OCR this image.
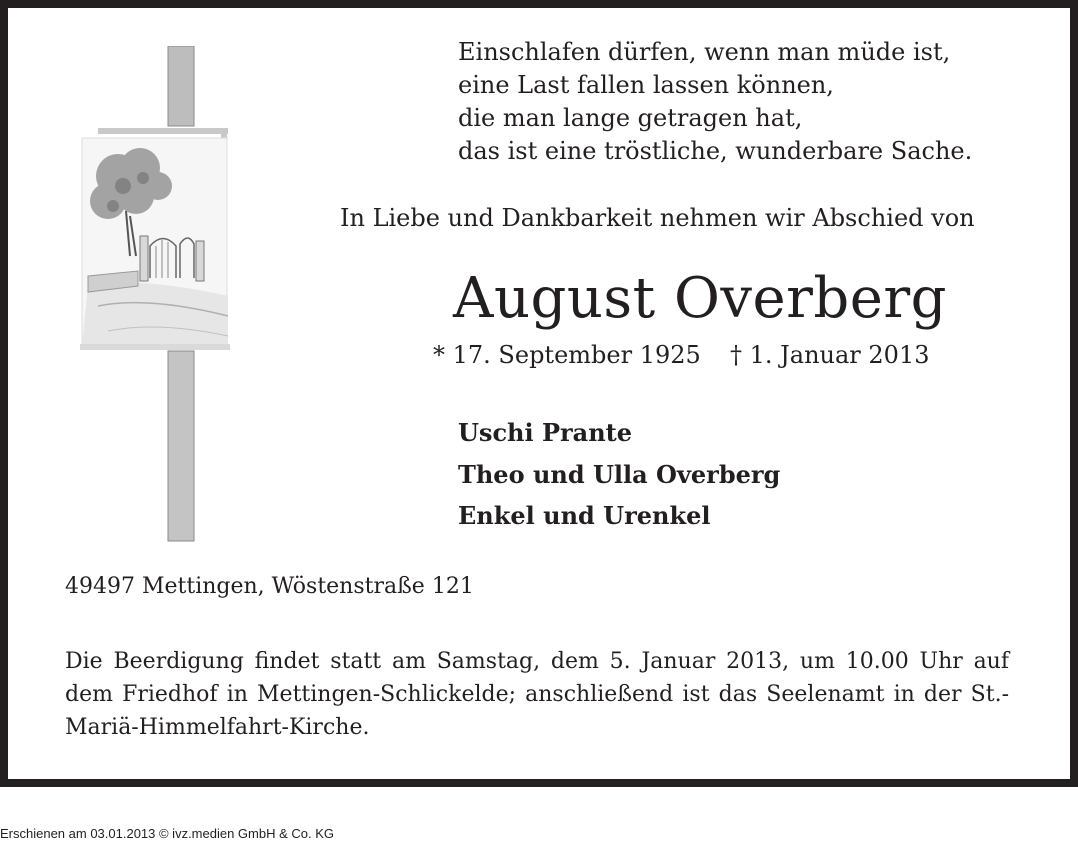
Einschlafen dürfen, wenn man müde ist,
eine Last fallen lassen können,
die man lange getragen hat,
das ist eine tröstliche, wunderbare Sache.
In Liebe und Dankbarkeit nehmen wir Abschied von
August Overberg
* 17. September 1925 † 1. Januar 2013
Uschi Prante
Theo und Ulla Overberg
Enkel und Urenkel
49497 Mettingen, Wöstenstraße 121
Die Beerdigung findet statt am Samstag, dem 5. Januar 2013, um 10.00 Uhr auf dem Friedhof in Mettingen-Schlickelde; anschließend ist das Seelenamt in der St.-Mariä-Himmelfahrt-Kirche.
Erschienen am 03.01.2013 © ivz.medien GmbH & Co. KG
